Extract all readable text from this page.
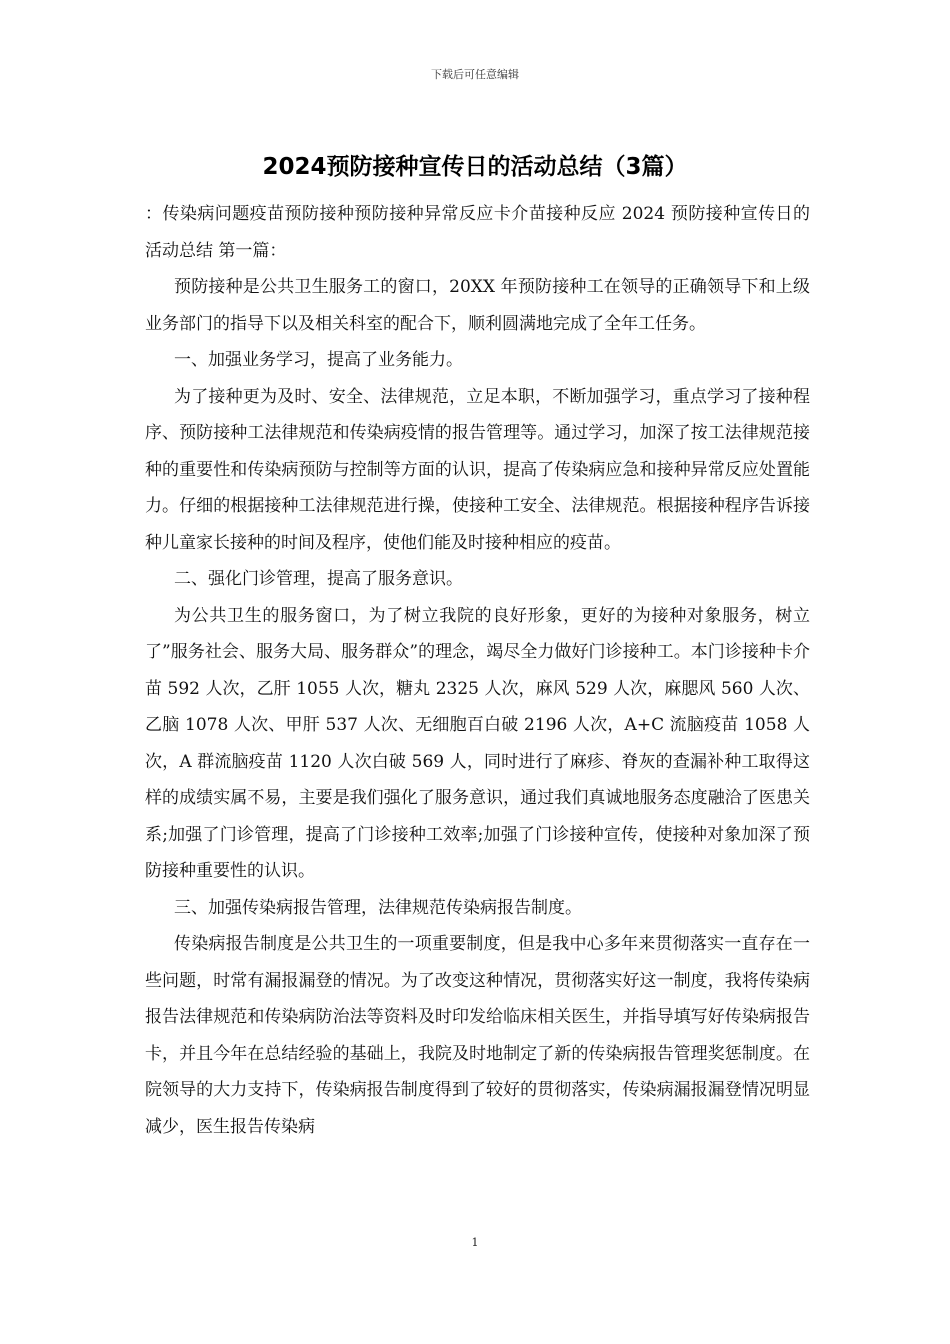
下载后可任意编辑
2024预防接种宣传日的活动总结（3篇）

：传染病问题疫苗预防接种预防接种异常反应卡介苗接种反应 2024 预防接种宣传日的活动总结 第一篇：

预防接种是公共卫生服务工的窗口，20XX 年预防接种工在领导的正确领导下和上级业务部门的指导下以及相关科室的配合下，顺利圆满地完成了全年工任务。

一、加强业务学习，提高了业务能力。

为了接种更为及时、安全、法律规范，立足本职，不断加强学习，重点学习了接种程序、预防接种工法律规范和传染病疫情的报告管理等。通过学习，加深了按工法律规范接种的重要性和传染病预防与控制等方面的认识，提高了传染病应急和接种异常反应处置能力。仔细的根据接种工法律规范进行操，使接种工安全、法律规范。根据接种程序告诉接种儿童家长接种的时间及程序，使他们能及时接种相应的疫苗。

二、强化门诊管理，提高了服务意识。

为公共卫生的服务窗口，为了树立我院的良好形象，更好的为接种对象服务，树立了”服务社会、服务大局、服务群众”的理念，竭尽全力做好门诊接种工。本门诊接种卡介苗 592 人次，乙肝 1055 人次，糖丸 2325 人次，麻风 529 人次，麻腮风 560 人次、乙脑 1078 人次、甲肝 537 人次、无细胞百白破 2196 人次，A+C 流脑疫苗 1058 人次，A 群流脑疫苗 1120 人次白破 569 人，同时进行了麻疹、脊灰的查漏补种工取得这样的成绩实属不易，主要是我们强化了服务意识，通过我们真诚地服务态度融洽了医患关系;加强了门诊管理，提高了门诊接种工效率;加强了门诊接种宣传，使接种对象加深了预防接种重要性的认识。

三、加强传染病报告管理，法律规范传染病报告制度。

传染病报告制度是公共卫生的一项重要制度，但是我中心多年来贯彻落实一直存在一些问题，时常有漏报漏登的情况。为了改变这种情况，贯彻落实好这一制度，我将传染病报告法律规范和传染病防治法等资料及时印发给临床相关医生，并指导填写好传染病报告卡，并且今年在总结经验的基础上，我院及时地制定了新的传染病报告管理奖惩制度。在院领导的大力支持下，传染病报告制度得到了较好的贯彻落实，传染病漏报漏登情况明显减少，医生报告传染病

1
